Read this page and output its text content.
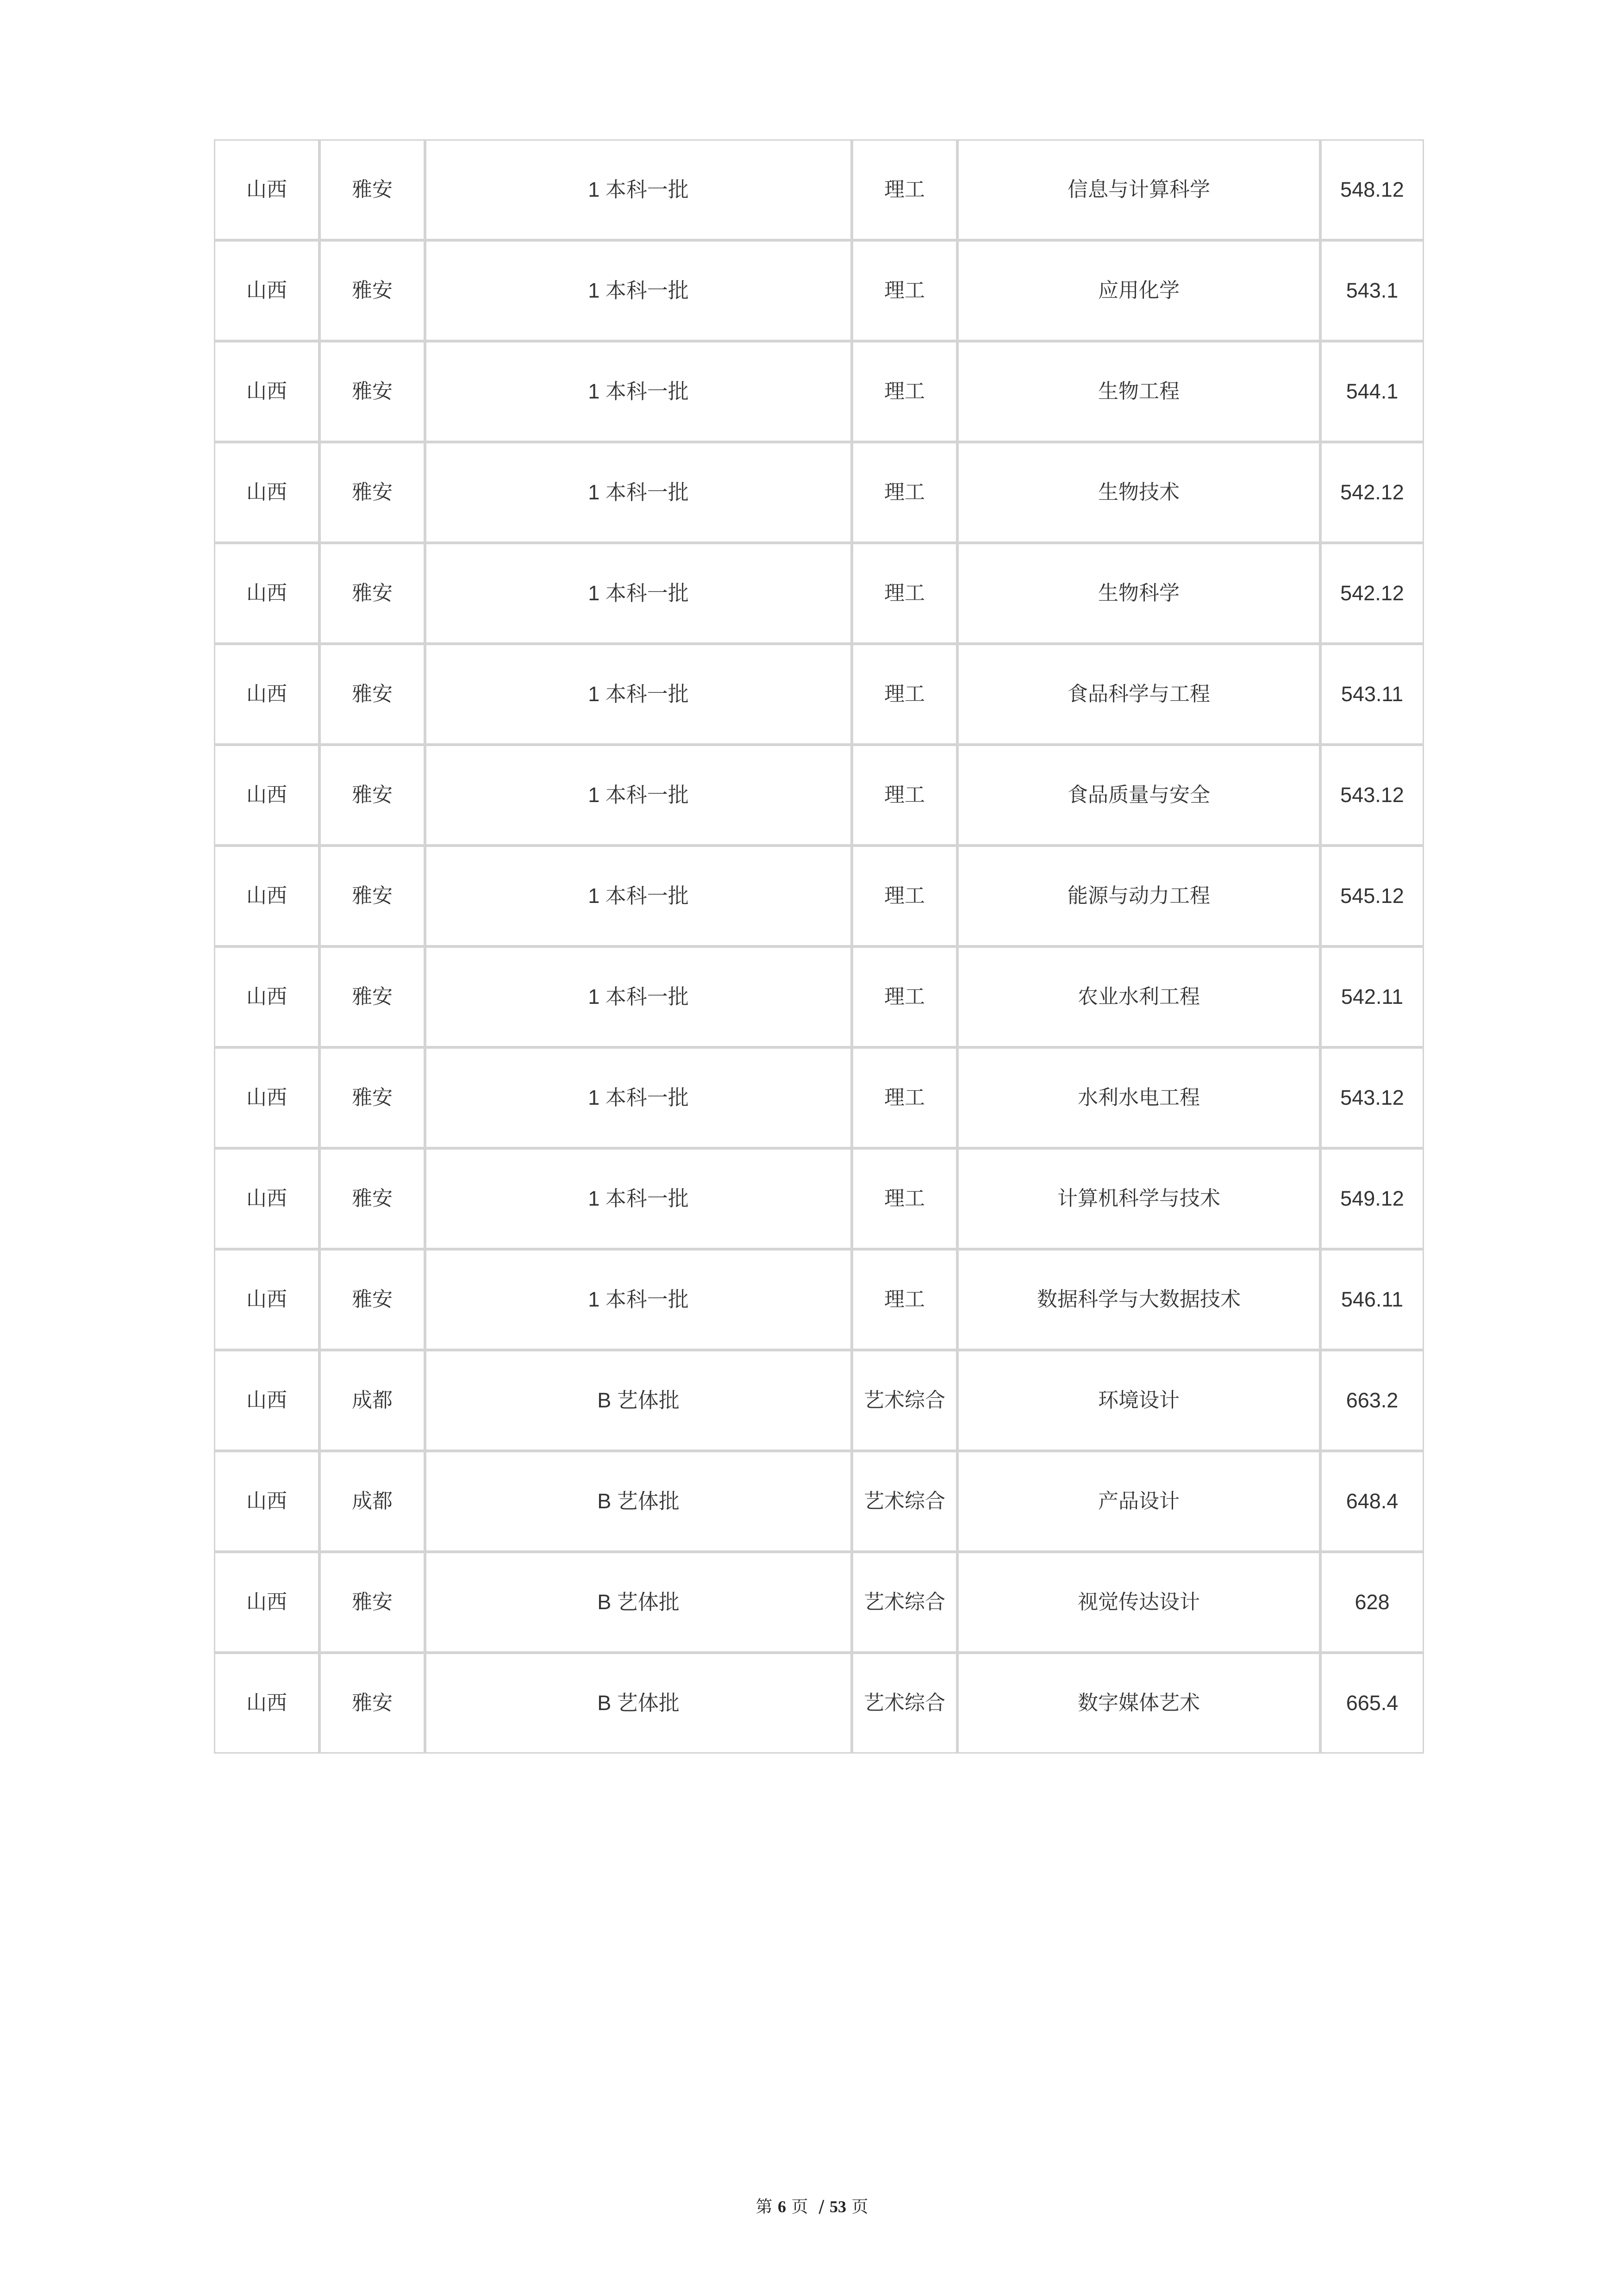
山西	雅安	1 本科一批	理工	信息与计算科学	548.12
山西	雅安	1 本科一批	理工	应用化学	543.1
山西	雅安	1 本科一批	理工	生物工程	544.1
山西	雅安	1 本科一批	理工	生物技术	542.12
山西	雅安	1 本科一批	理工	生物科学	542.12
山西	雅安	1 本科一批	理工	食品科学与工程	543.11
山西	雅安	1 本科一批	理工	食品质量与安全	543.12
山西	雅安	1 本科一批	理工	能源与动力工程	545.12
山西	雅安	1 本科一批	理工	农业水利工程	542.11
山西	雅安	1 本科一批	理工	水利水电工程	543.12
山西	雅安	1 本科一批	理工	计算机科学与技术	549.12
山西	雅安	1 本科一批	理工	数据科学与大数据技术	546.11
山西	成都	B 艺体批	艺术综合	环境设计	663.2
山西	成都	B 艺体批	艺术综合	产品设计	648.4
山西	雅安	B 艺体批	艺术综合	视觉传达设计	628
山西	雅安	B 艺体批	艺术综合	数字媒体艺术	665.4
第 6 页 / 53 页
